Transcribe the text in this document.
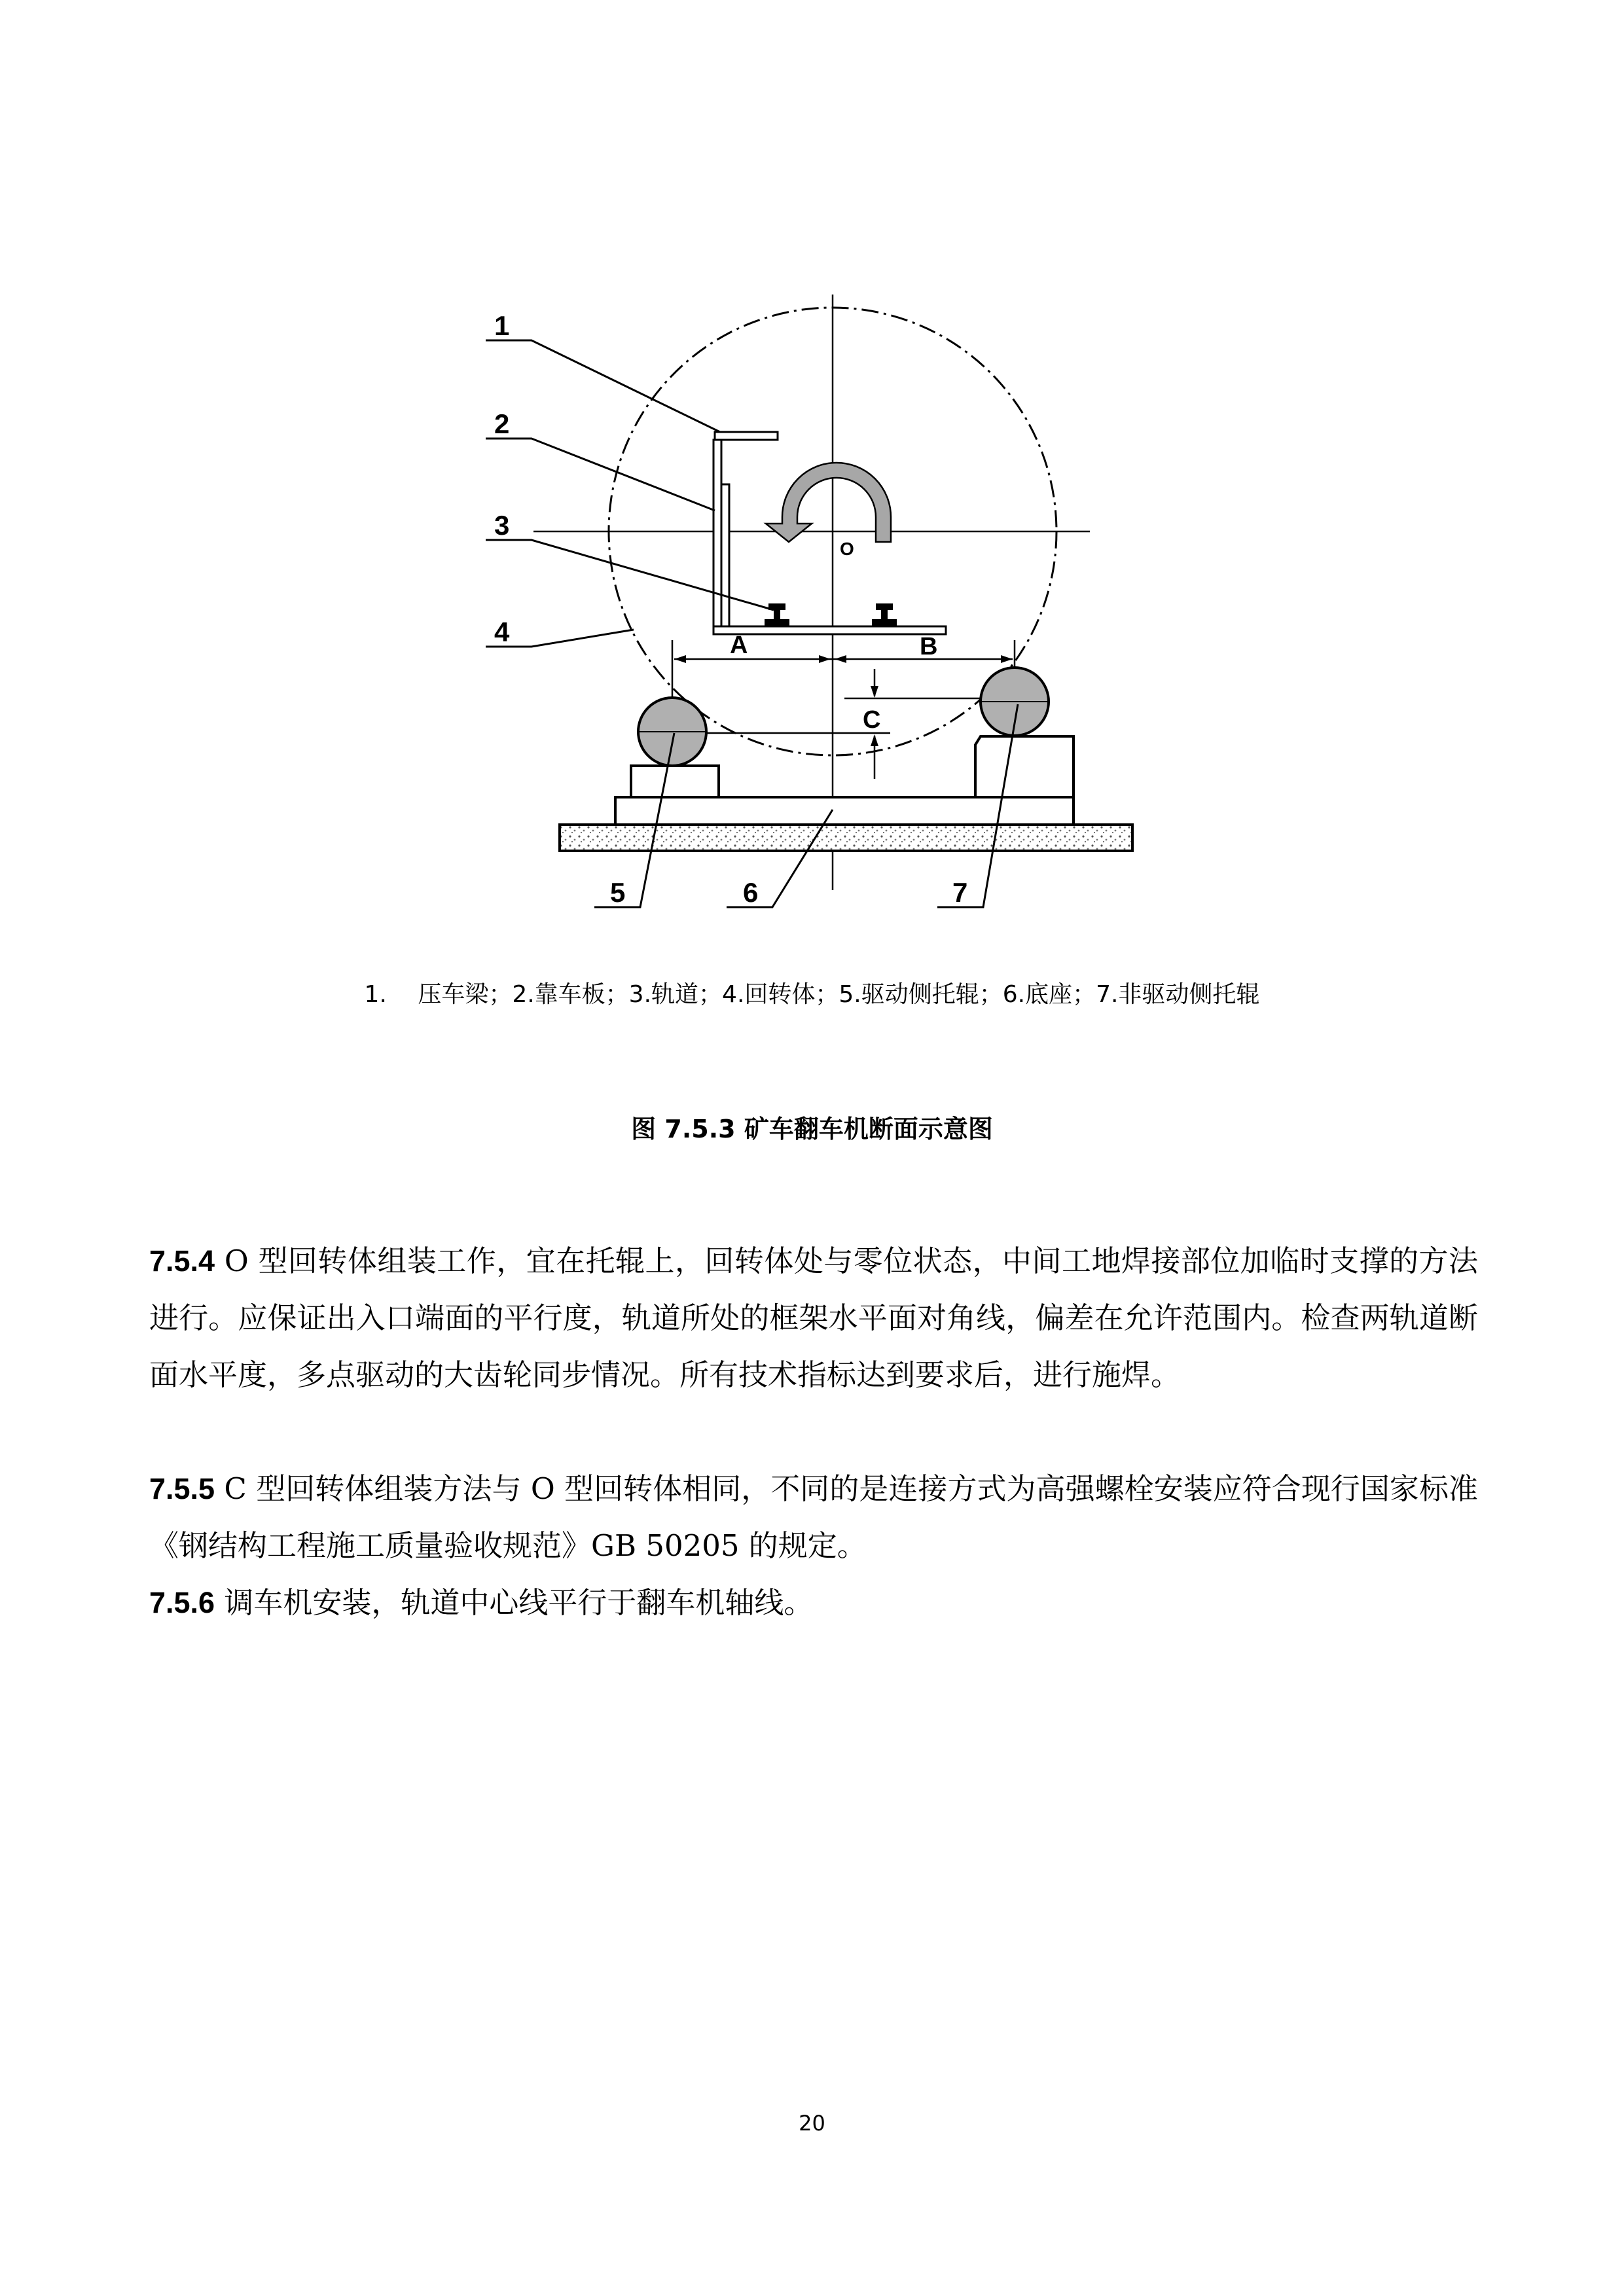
1
2
3
4
5	6	7
O
A	B
C
1.　 压车梁；2.靠车板；3.轨道；4.回转体；5.驱动侧托辊；6.底座；7.非驱动侧托辊
图 7.5.3 矿车翻车机断面示意图
7.5.4 O 型回转体组装工作，宜在托辊上，回转体处与零位状态，中间工地焊接部位加临时支撑的方法进行。应保证出入口端面的平行度，轨道所处的框架水平面对角线，偏差在允许范围内。检查两轨道断面水平度，多点驱动的大齿轮同步情况。所有技术指标达到要求后，进行施焊。
7.5.5 C 型回转体组装方法与 O 型回转体相同，不同的是连接方式为高强螺栓安装应符合现行国家标准《钢结构工程施工质量验收规范》GB 50205 的规定。
7.5.6 调车机安装，轨道中心线平行于翻车机轴线。
20
